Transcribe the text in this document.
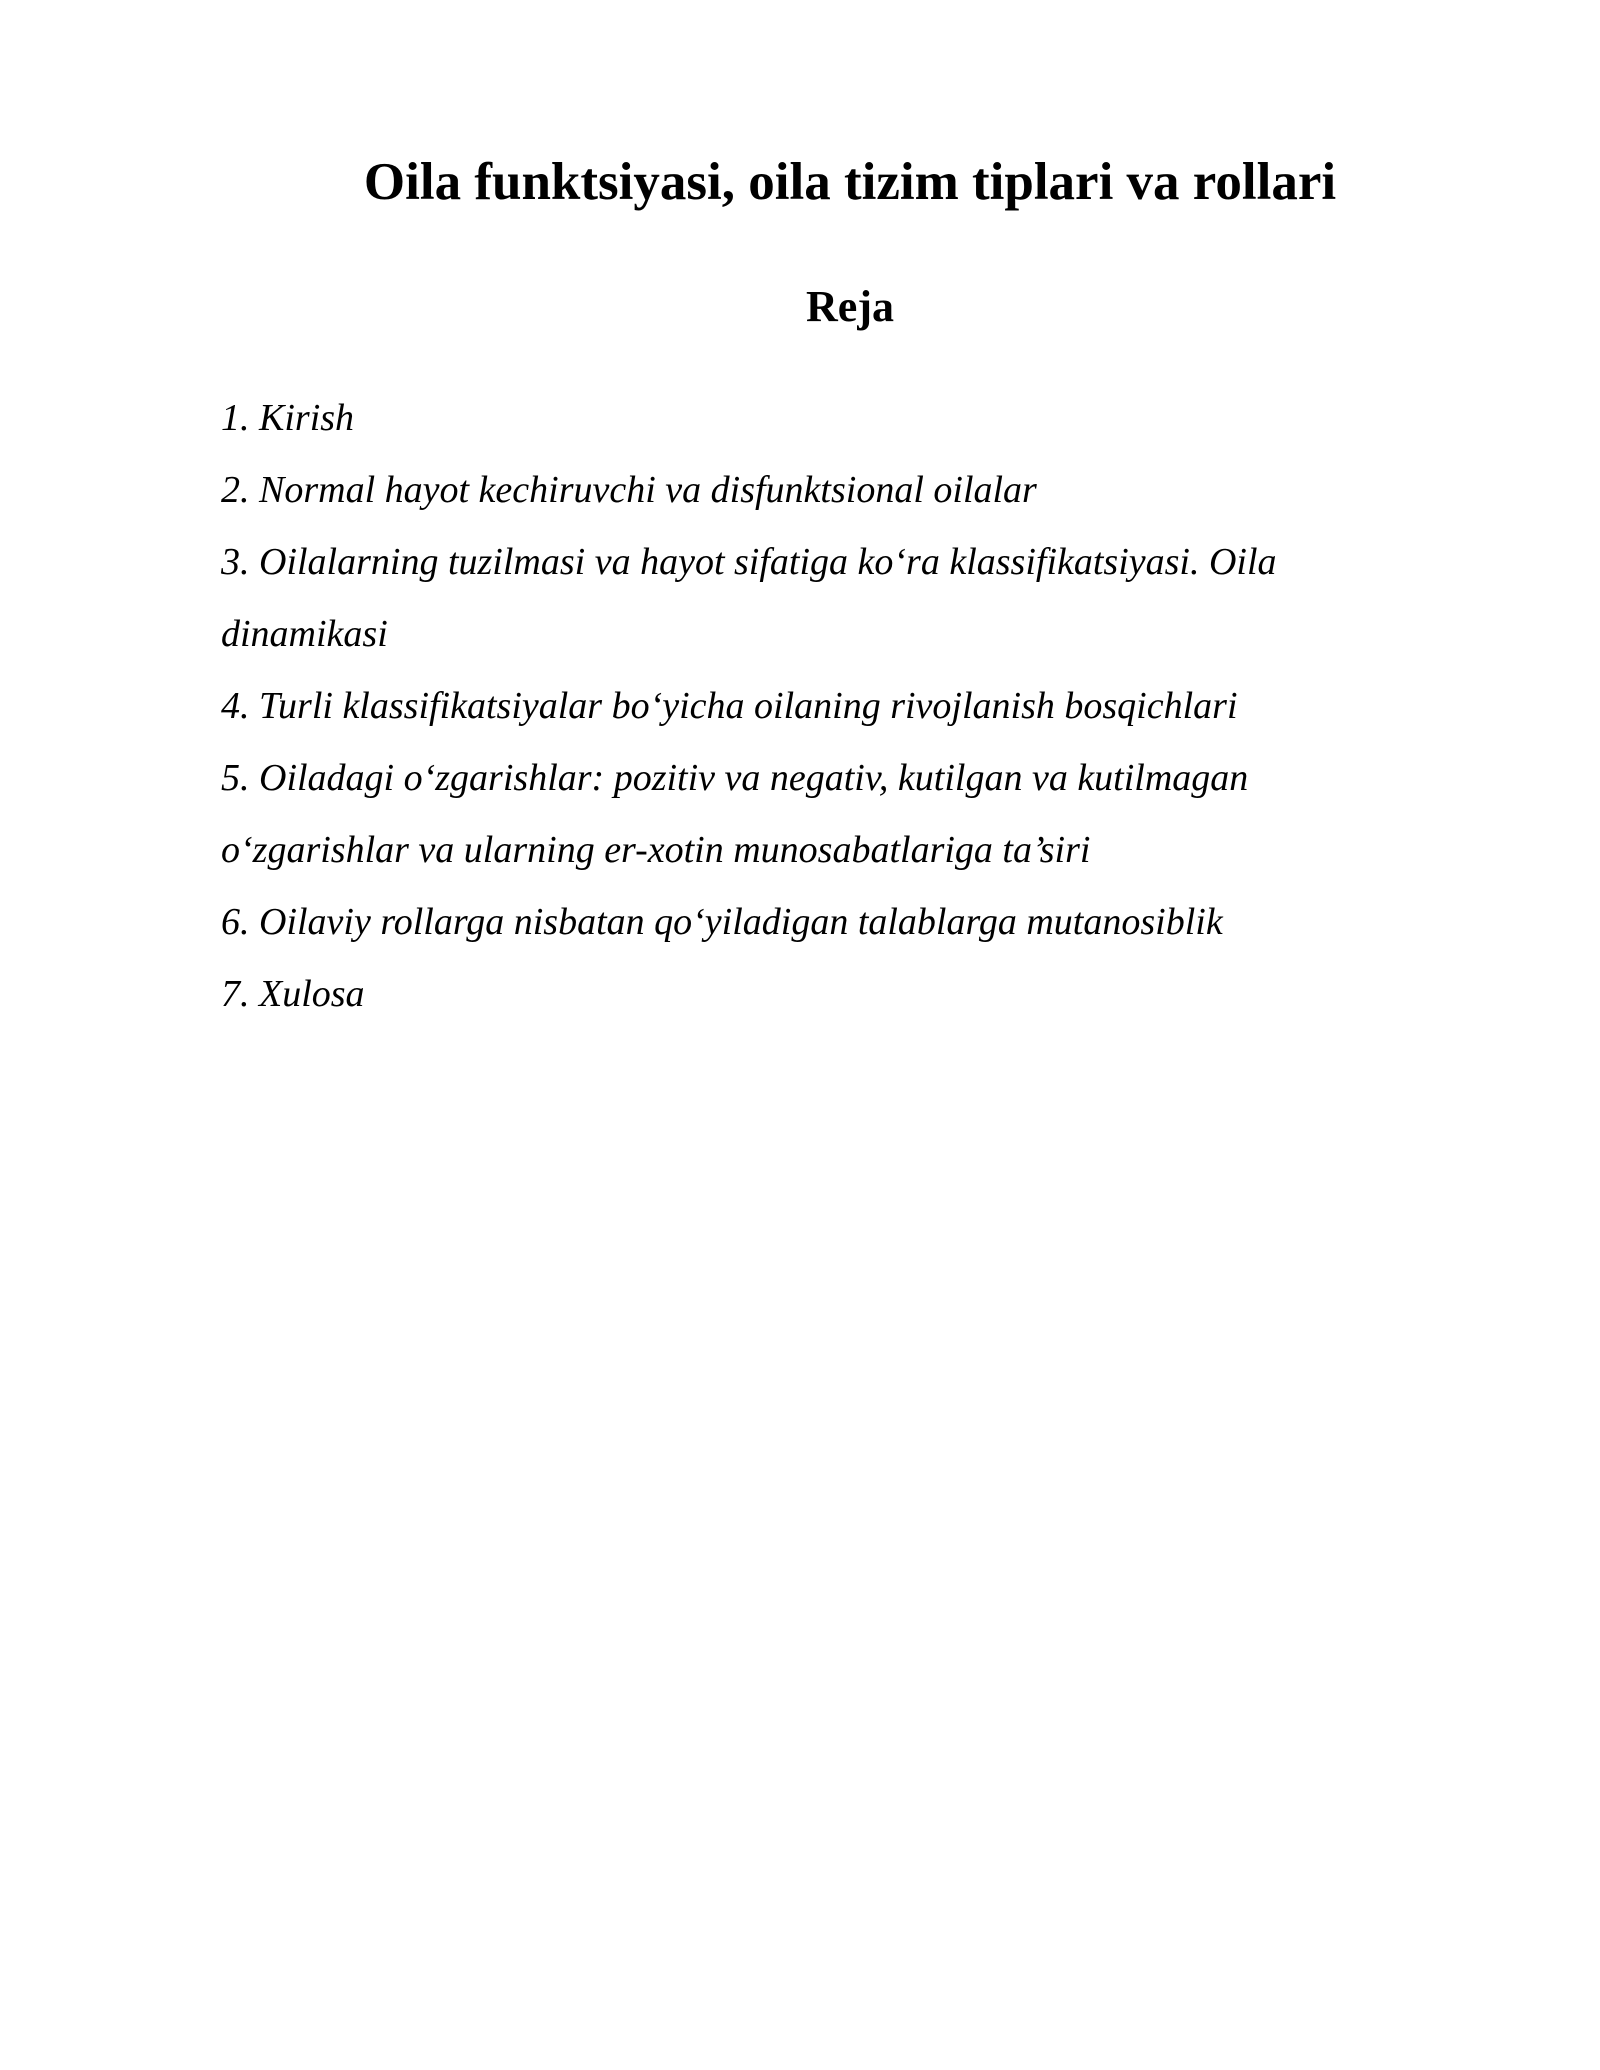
Oila funktsiyasi, oila tizim tiplari va rollari
Reja
1. Kirish
2. Normal hayot kechiruvchi va disfunktsional oilalar
3. Oilalarning tuzilmasi va hayot sifatiga ko‘ra klassifikatsiyasi. Oila dinamikasi
4. Turli klassifikatsiyalar bo‘yicha oilaning rivojlanish bosqichlari
5. Oiladagi o‘zgarishlar: pozitiv va negativ, kutilgan va kutilmagan o‘zgarishlar va ularning er-xotin munosabatlariga ta’siri
6. Oilaviy rollarga nisbatan qo‘yiladigan talablarga mutanosiblik
7. Xulosa
